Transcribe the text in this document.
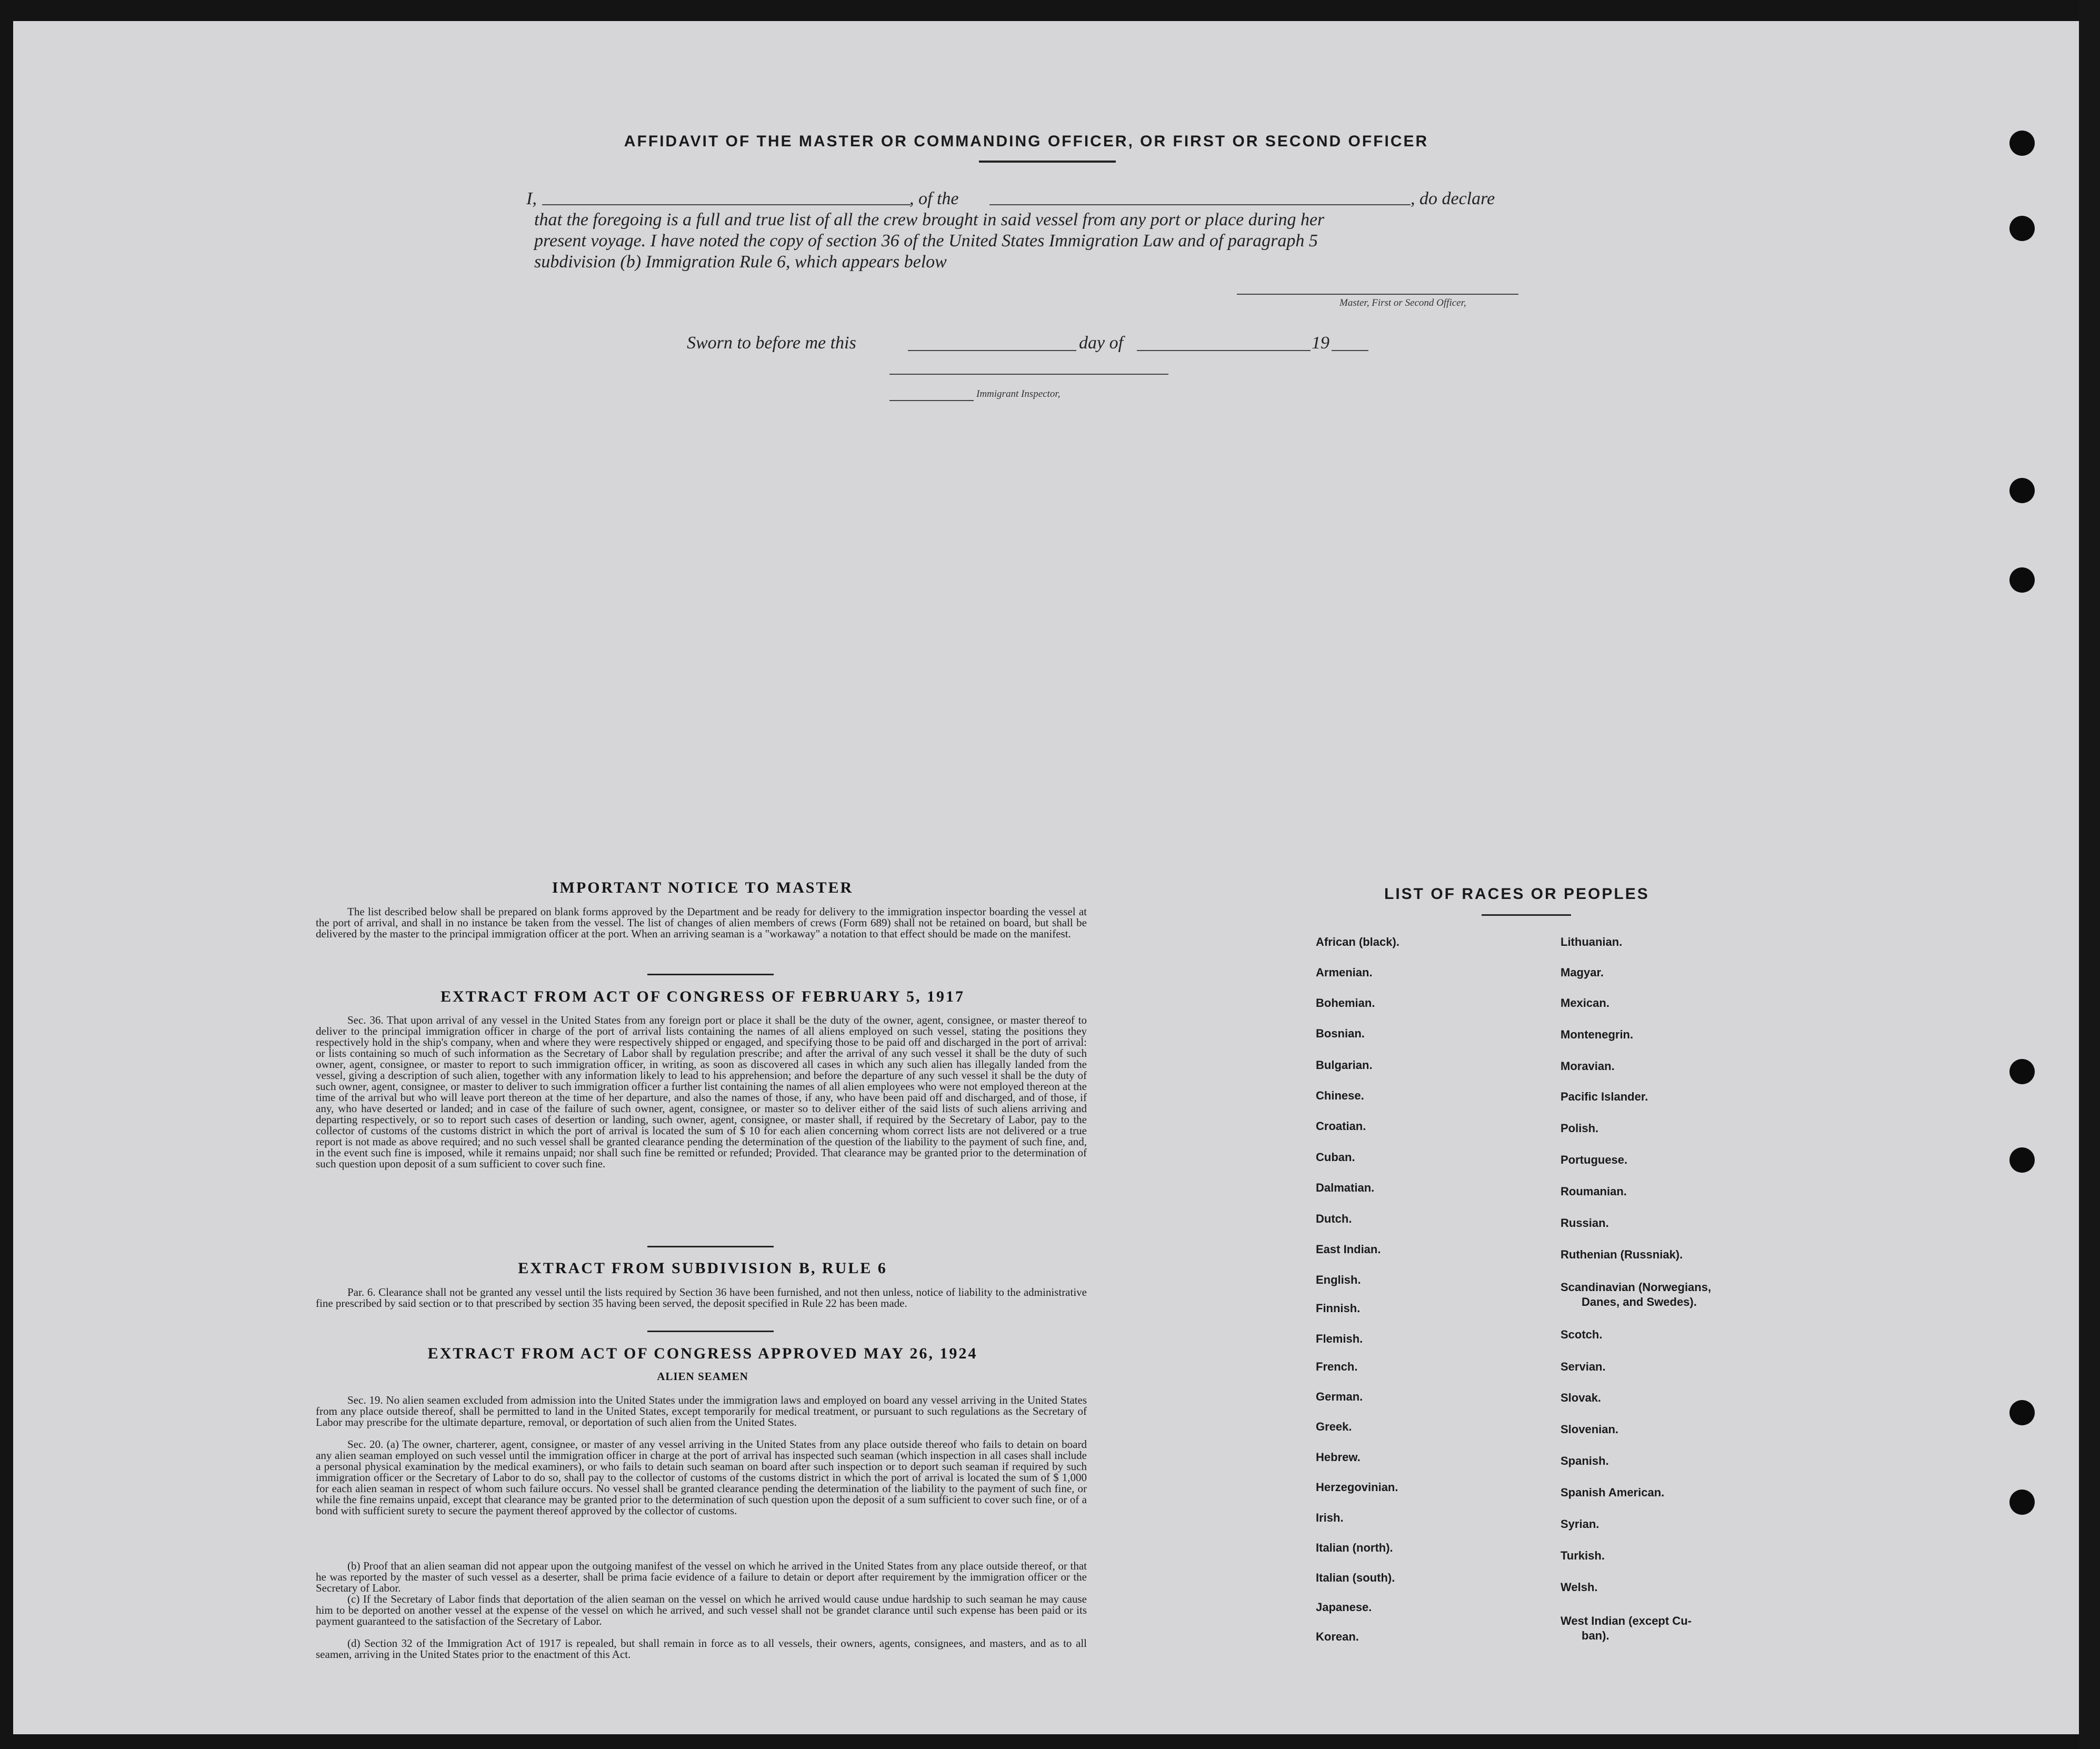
AFFIDAVIT OF THE MASTER OR COMMANDING OFFICER, OR FIRST OR SECOND OFFICER
I,	, of the	, do declare
that the foregoing is a full and true list of all the crew brought in said vessel from any port or place during her
present voyage. I have noted the copy of section 36 of the United States Immigration Law and of paragraph 5
subdivision (b) Immigration Rule 6, which appears below
Master, First or Second Officer,
Sworn to before me this	day of	19
Immigrant Inspector,
IMPORTANT NOTICE TO MASTER
The list described below shall be prepared on blank forms approved by the Department and be ready for delivery to the immigration inspector boarding the vessel at the port of arrival, and shall in no instance be taken from the vessel. The list of changes of alien members of crews (Form 689) shall not be retained on board, but shall be delivered by the master to the principal immigration officer at the port. When an arriving seaman is a "workaway" a notation to that effect should be made on the manifest.
EXTRACT FROM ACT OF CONGRESS OF FEBRUARY 5, 1917
Sec. 36. That upon arrival of any vessel in the United States from any foreign port or place it shall be the duty of the owner, agent, consignee, or master thereof to deliver to the principal immigration officer in charge of the port of arrival lists containing the names of all aliens employed on such vessel, stating the positions they respectively hold in the ship's company, when and where they were respectively shipped or engaged, and specifying those to be paid off and discharged in the port of arrival: or lists containing so much of such information as the Secretary of Labor shall by regulation prescribe; and after the arrival of any such vessel it shall be the duty of such owner, agent, consignee, or master to report to such immigration officer, in writing, as soon as discovered all cases in which any such alien has illegally landed from the vessel, giving a description of such alien, together with any information likely to lead to his apprehension; and before the departure of any such vessel it shall be the duty of such owner, agent, consignee, or master to deliver to such immigration officer a further list containing the names of all alien employees who were not employed thereon at the time of the arrival but who will leave port thereon at the time of her departure, and also the names of those, if any, who have been paid off and discharged, and of those, if any, who have deserted or landed; and in case of the failure of such owner, agent, consignee, or master so to deliver either of the said lists of such aliens arriving and departing respectively, or so to report such cases of desertion or landing, such owner, agent, consignee, or master shall, if required by the Secretary of Labor, pay to the collector of customs of the customs district in which the port of arrival is located the sum of $ 10 for each alien concerning whom correct lists are not delivered or a true report is not made as above required; and no such vessel shall be granted clearance pending the determination of the question of the liability to the payment of such fine, and, in the event such fine is imposed, while it remains unpaid; nor shall such fine be remitted or refunded; Provided. That clearance may be granted prior to the determination of such question upon deposit of a sum sufficient to cover such fine.
EXTRACT FROM SUBDIVISION B, RULE 6
Par. 6. Clearance shall not be granted any vessel until the lists required by Section 36 have been furnished, and not then unless, notice of liability to the administrative fine prescribed by said section or to that prescribed by section 35 having been served, the deposit specified in Rule 22 has been made.
EXTRACT FROM ACT OF CONGRESS APPROVED MAY 26, 1924
ALIEN SEAMEN
Sec. 19. No alien seamen excluded from admission into the United States under the immigration laws and employed on board any vessel arriving in the United States from any place outside thereof, shall be permitted to land in the United States, except temporarily for medical treatment, or pursuant to such regulations as the Secretary of Labor may prescribe for the ultimate departure, removal, or deportation of such alien from the United States.
Sec. 20. (a) The owner, charterer, agent, consignee, or master of any vessel arriving in the United States from any place outside thereof who fails to detain on board any alien seaman employed on such vessel until the immigration officer in charge at the port of arrival has inspected such seaman (which inspection in all cases shall include a personal physical examination by the medical examiners), or who fails to detain such seaman on board after such inspection or to deport such seaman if required by such immigration officer or the Secretary of Labor to do so, shall pay to the collector of customs of the customs district in which the port of arrival is located the sum of $ 1,000 for each alien seaman in respect of whom such failure occurs. No vessel shall be granted clearance pending the determination of the liability to the payment of such fine, or while the fine remains unpaid, except that clearance may be granted prior to the determination of such question upon the deposit of a sum sufficient to cover such fine, or of a bond with sufficient surety to secure the payment thereof approved by the collector of customs.
(b) Proof that an alien seaman did not appear upon the outgoing manifest of the vessel on which he arrived in the United States from any place outside thereof, or that he was reported by the master of such vessel as a deserter, shall be prima facie evidence of a failure to detain or deport after requirement by the immigration officer or the Secretary of Labor.
(c) If the Secretary of Labor finds that deportation of the alien seaman on the vessel on which he arrived would cause undue hardship to such seaman he may cause him to be deported on another vessel at the expense of the vessel on which he arrived, and such vessel shall not be grandet clarance until such expense has been paid or its payment guaranteed to the satisfaction of the Secretary of Labor.
(d) Section 32 of the Immigration Act of 1917 is repealed, but shall remain in force as to all vessels, their owners, agents, consignees, and masters, and as to all seamen, arriving in the United States prior to the enactment of this Act.
LIST OF RACES OR PEOPLES
African (black).
Armenian.
Bohemian.
Bosnian.
Bulgarian.
Chinese.
Croatian.
Cuban.
Dalmatian.
Dutch.
East Indian.
English.
Finnish.
Flemish.
French.
German.
Greek.
Hebrew.
Herzegovinian.
Irish.
Italian (north).
Italian (south).
Japanese.
Korean.
Lithuanian.
Magyar.
Mexican.
Montenegrin.
Moravian.
Pacific Islander.
Polish.
Portuguese.
Roumanian.
Russian.
Ruthenian (Russniak).
Scandinavian (Norwegians,
Danes, and Swedes).
Scotch.
Servian.
Slovak.
Slovenian.
Spanish.
Spanish American.
Syrian.
Turkish.
Welsh.
West Indian (except Cu-
ban).
